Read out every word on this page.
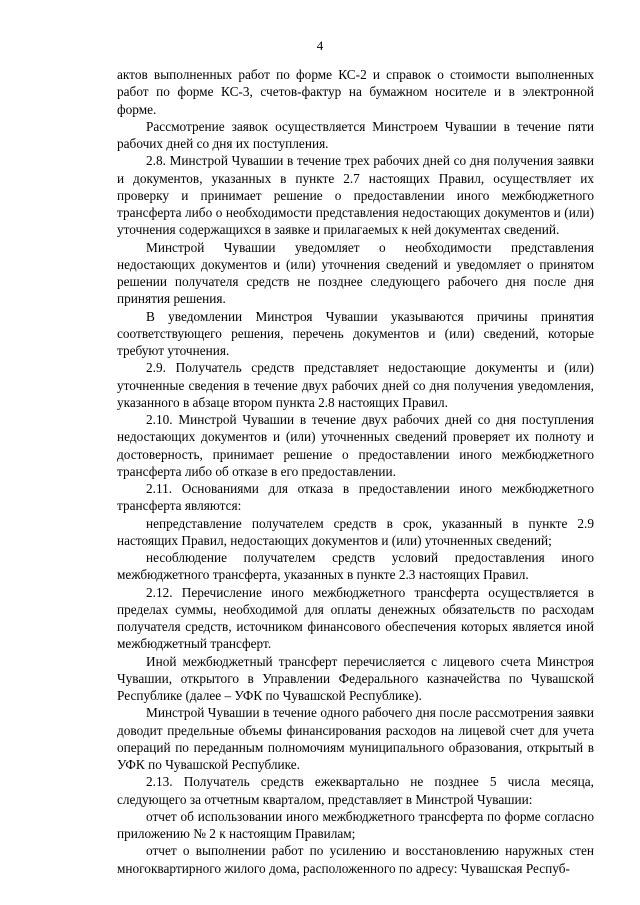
4

актов выполненных работ по форме КС-2 и справок о стоимости выполненных работ по форме КС-3, счетов-фактур на бумажном носителе и в электронной форме.

Рассмотрение заявок осуществляется Минстроем Чувашии в течение пяти рабочих дней со дня их поступления.

2.8. Минстрой Чувашии в течение трех рабочих дней со дня получения заявки и документов, указанных в пункте 2.7 настоящих Правил, осуществляет их проверку и принимает решение о предоставлении иного межбюджетного трансферта либо о необходимости представления недостающих документов и (или) уточнения содержащихся в заявке и прилагаемых к ней документах сведений.

Минстрой Чувашии уведомляет о необходимости представления недостающих документов и (или) уточнения сведений и уведомляет о принятом решении получателя средств не позднее следующего рабочего дня после дня принятия решения.

В уведомлении Минстроя Чувашии указываются причины принятия соответствующего решения, перечень документов и (или) сведений, которые требуют уточнения.

2.9. Получатель средств представляет недостающие документы и (или) уточненные сведения в течение двух рабочих дней со дня получения уведомления, указанного в абзаце втором пункта 2.8 настоящих Правил.

2.10. Минстрой Чувашии в течение двух рабочих дней со дня поступления недостающих документов и (или) уточненных сведений проверяет их полноту и достоверность, принимает решение о предоставлении иного межбюджетного трансферта либо об отказе в его предоставлении.

2.11. Основаниями для отказа в предоставлении иного межбюджетного трансферта являются:

непредставление получателем средств в срок, указанный в пункте 2.9 настоящих Правил, недостающих документов и (или) уточненных сведений;

несоблюдение получателем средств условий предоставления иного межбюджетного трансферта, указанных в пункте 2.3 настоящих Правил.

2.12. Перечисление иного межбюджетного трансферта осуществляется в пределах суммы, необходимой для оплаты денежных обязательств по расходам получателя средств, источником финансового обеспечения которых является иной межбюджетный трансферт.

Иной межбюджетный трансферт перечисляется с лицевого счета Минстроя Чувашии, открытого в Управлении Федерального казначейства по Чувашской Республике (далее – УФК по Чувашской Республике).

Минстрой Чувашии в течение одного рабочего дня после рассмотрения заявки доводит предельные объемы финансирования расходов на лицевой счет для учета операций по переданным полномочиям муниципального образования, открытый в УФК по Чувашской Республике.

2.13. Получатель средств ежеквартально не позднее 5 числа месяца, следующего за отчетным кварталом, представляет в Минстрой Чувашии:

отчет об использовании иного межбюджетного трансферта по форме согласно приложению № 2 к настоящим Правилам;

отчет о выполнении работ по усилению и восстановлению наружных стен многоквартирного жилого дома, расположенного по адресу: Чувашская Респуб-
